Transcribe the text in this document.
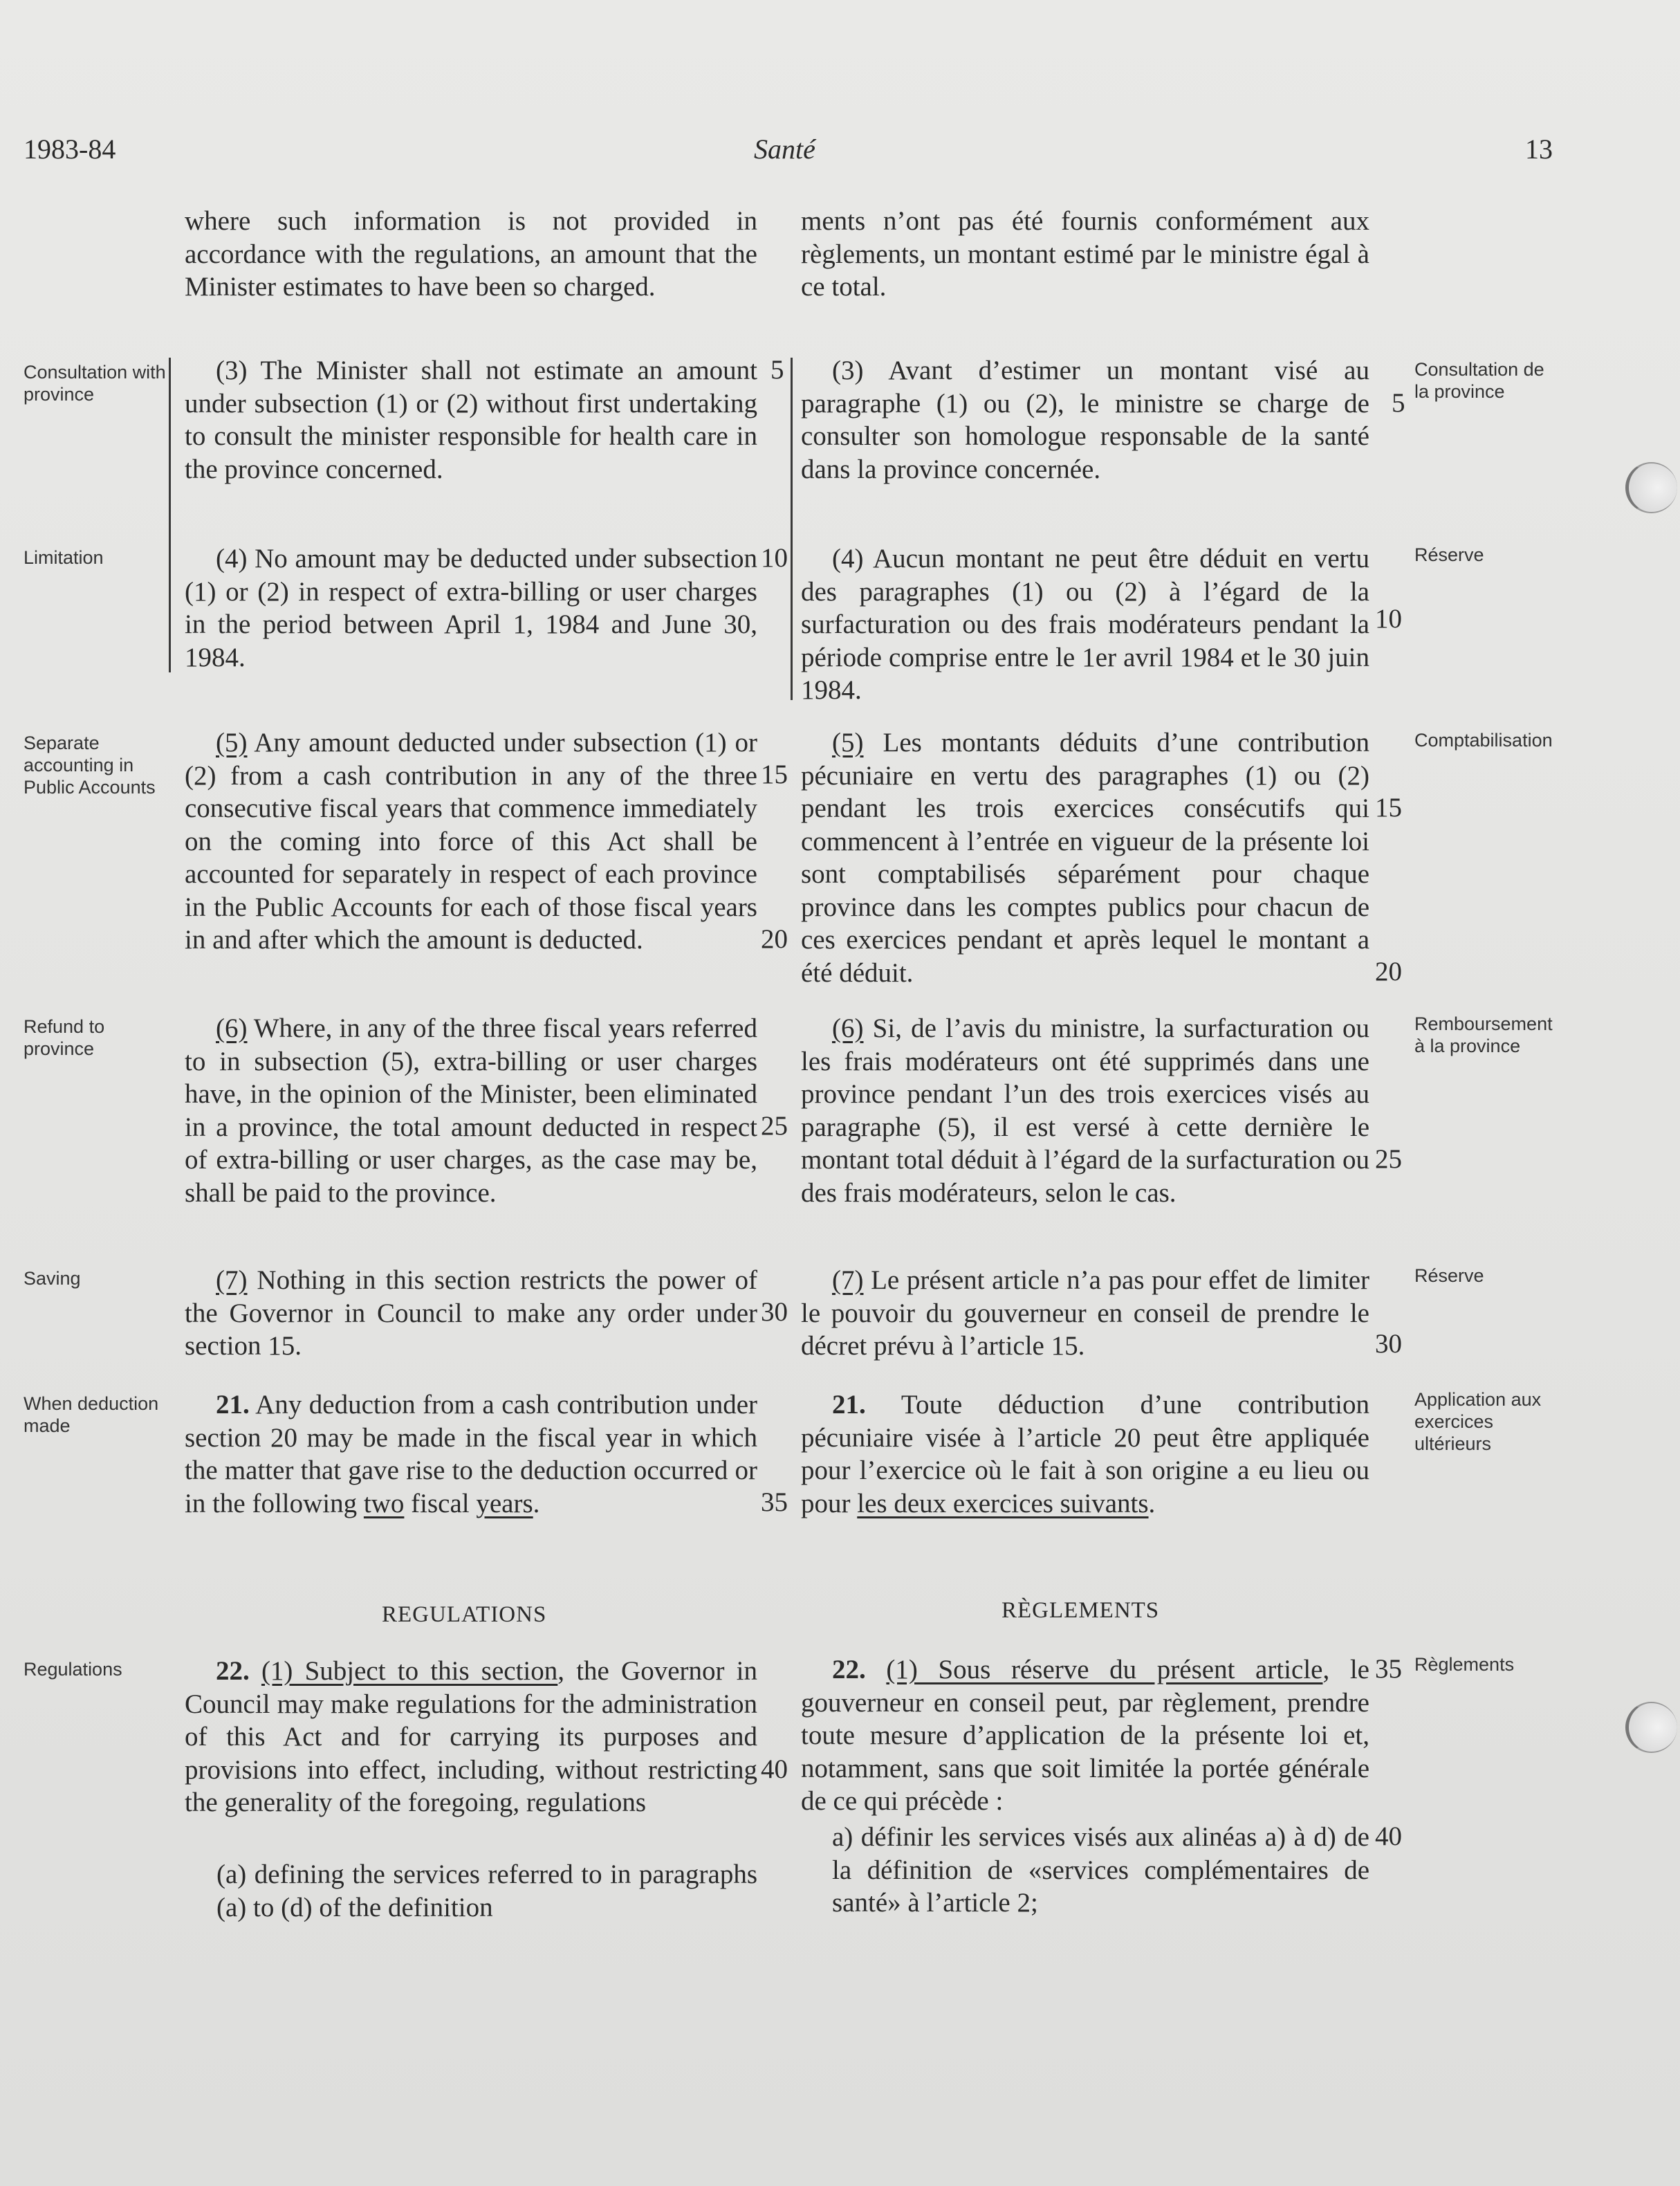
1983-84	Santé	13
Consultation with province
Limitation
Separate accounting in Public Accounts
Refund to province
Saving
When deduction made
Regulations
Consultation de la province
Réserve
Comptabilisation
Remboursement à la province
Réserve
Application aux exercices ultérieurs
Règlements

where such information is not provided in accordance with the regulations, an amount that the Minister estimates to have been so charged.

(3) The Minister shall not estimate an amount under subsection (1) or (2) without first undertaking to consult the minister responsible for health care in the province concerned.

(4) No amount may be deducted under subsection (1) or (2) in respect of extra-billing or user charges in the period between April 1, 1984 and June 30, 1984.

(5) Any amount deducted under subsection (1) or (2) from a cash contribution in any of the three consecutive fiscal years that commence immediately on the coming into force of this Act shall be accounted for separately in respect of each province in the Public Accounts for each of those fiscal years in and after which the amount is deducted.

(6) Where, in any of the three fiscal years referred to in subsection (5), extra-billing or user charges have, in the opinion of the Minister, been eliminated in a province, the total amount deducted in respect of extra-billing or user charges, as the case may be, shall be paid to the province.

(7) Nothing in this section restricts the power of the Governor in Council to make any order under section 15.

21. Any deduction from a cash contribution under section 20 may be made in the fiscal year in which the matter that gave rise to the deduction occurred or in the following two fiscal years.

REGULATIONS

22. (1) Subject to this section, the Governor in Council may make regulations for the administration of this Act and for carrying its purposes and provisions into effect, including, without restricting the generality of the foregoing, regulations

(a) defining the services referred to in paragraphs (a) to (d) of the definition

ments n’ont pas été fournis conformément aux règlements, un montant estimé par le ministre égal à ce total.

(3) Avant d’estimer un montant visé au paragraphe (1) ou (2), le ministre se charge de consulter son homologue responsable de la santé dans la province concernée.

(4) Aucun montant ne peut être déduit en vertu des paragraphes (1) ou (2) à l’égard de la surfacturation ou des frais modérateurs pendant la période comprise entre le 1er avril 1984 et le 30 juin 1984.

(5) Les montants déduits d’une contribution pécuniaire en vertu des paragraphes (1) ou (2) pendant les trois exercices consécutifs qui commencent à l’entrée en vigueur de la présente loi sont comptabilisés séparément pour chaque province dans les comptes publics pour chacun de ces exercices pendant et après lequel le montant a été déduit.

(6) Si, de l’avis du ministre, la surfacturation ou les frais modérateurs ont été supprimés dans une province pendant l’un des trois exercices visés au paragraphe (5), il est versé à cette dernière le montant total déduit à l’égard de la surfacturation ou des frais modérateurs, selon le cas.

(7) Le présent article n’a pas pour effet de limiter le pouvoir du gouverneur en conseil de prendre le décret prévu à l’article 15.

21. Toute déduction d’une contribution pécuniaire visée à l’article 20 peut être appliquée pour l’exercice où le fait à son origine a eu lieu ou pour les deux exercices suivants.

RÈGLEMENTS

22. (1) Sous réserve du présent article, le gouverneur en conseil peut, par règlement, prendre toute mesure d’application de la présente loi et, notamment, sans que soit limitée la portée générale de ce qui précède :

a) définir les services visés aux alinéas a) à d) de la définition de «services complémentaires de santé» à l’article 2;

5
10
15
20
25
30
35
40
5
10
15
20
25
30
35
40
